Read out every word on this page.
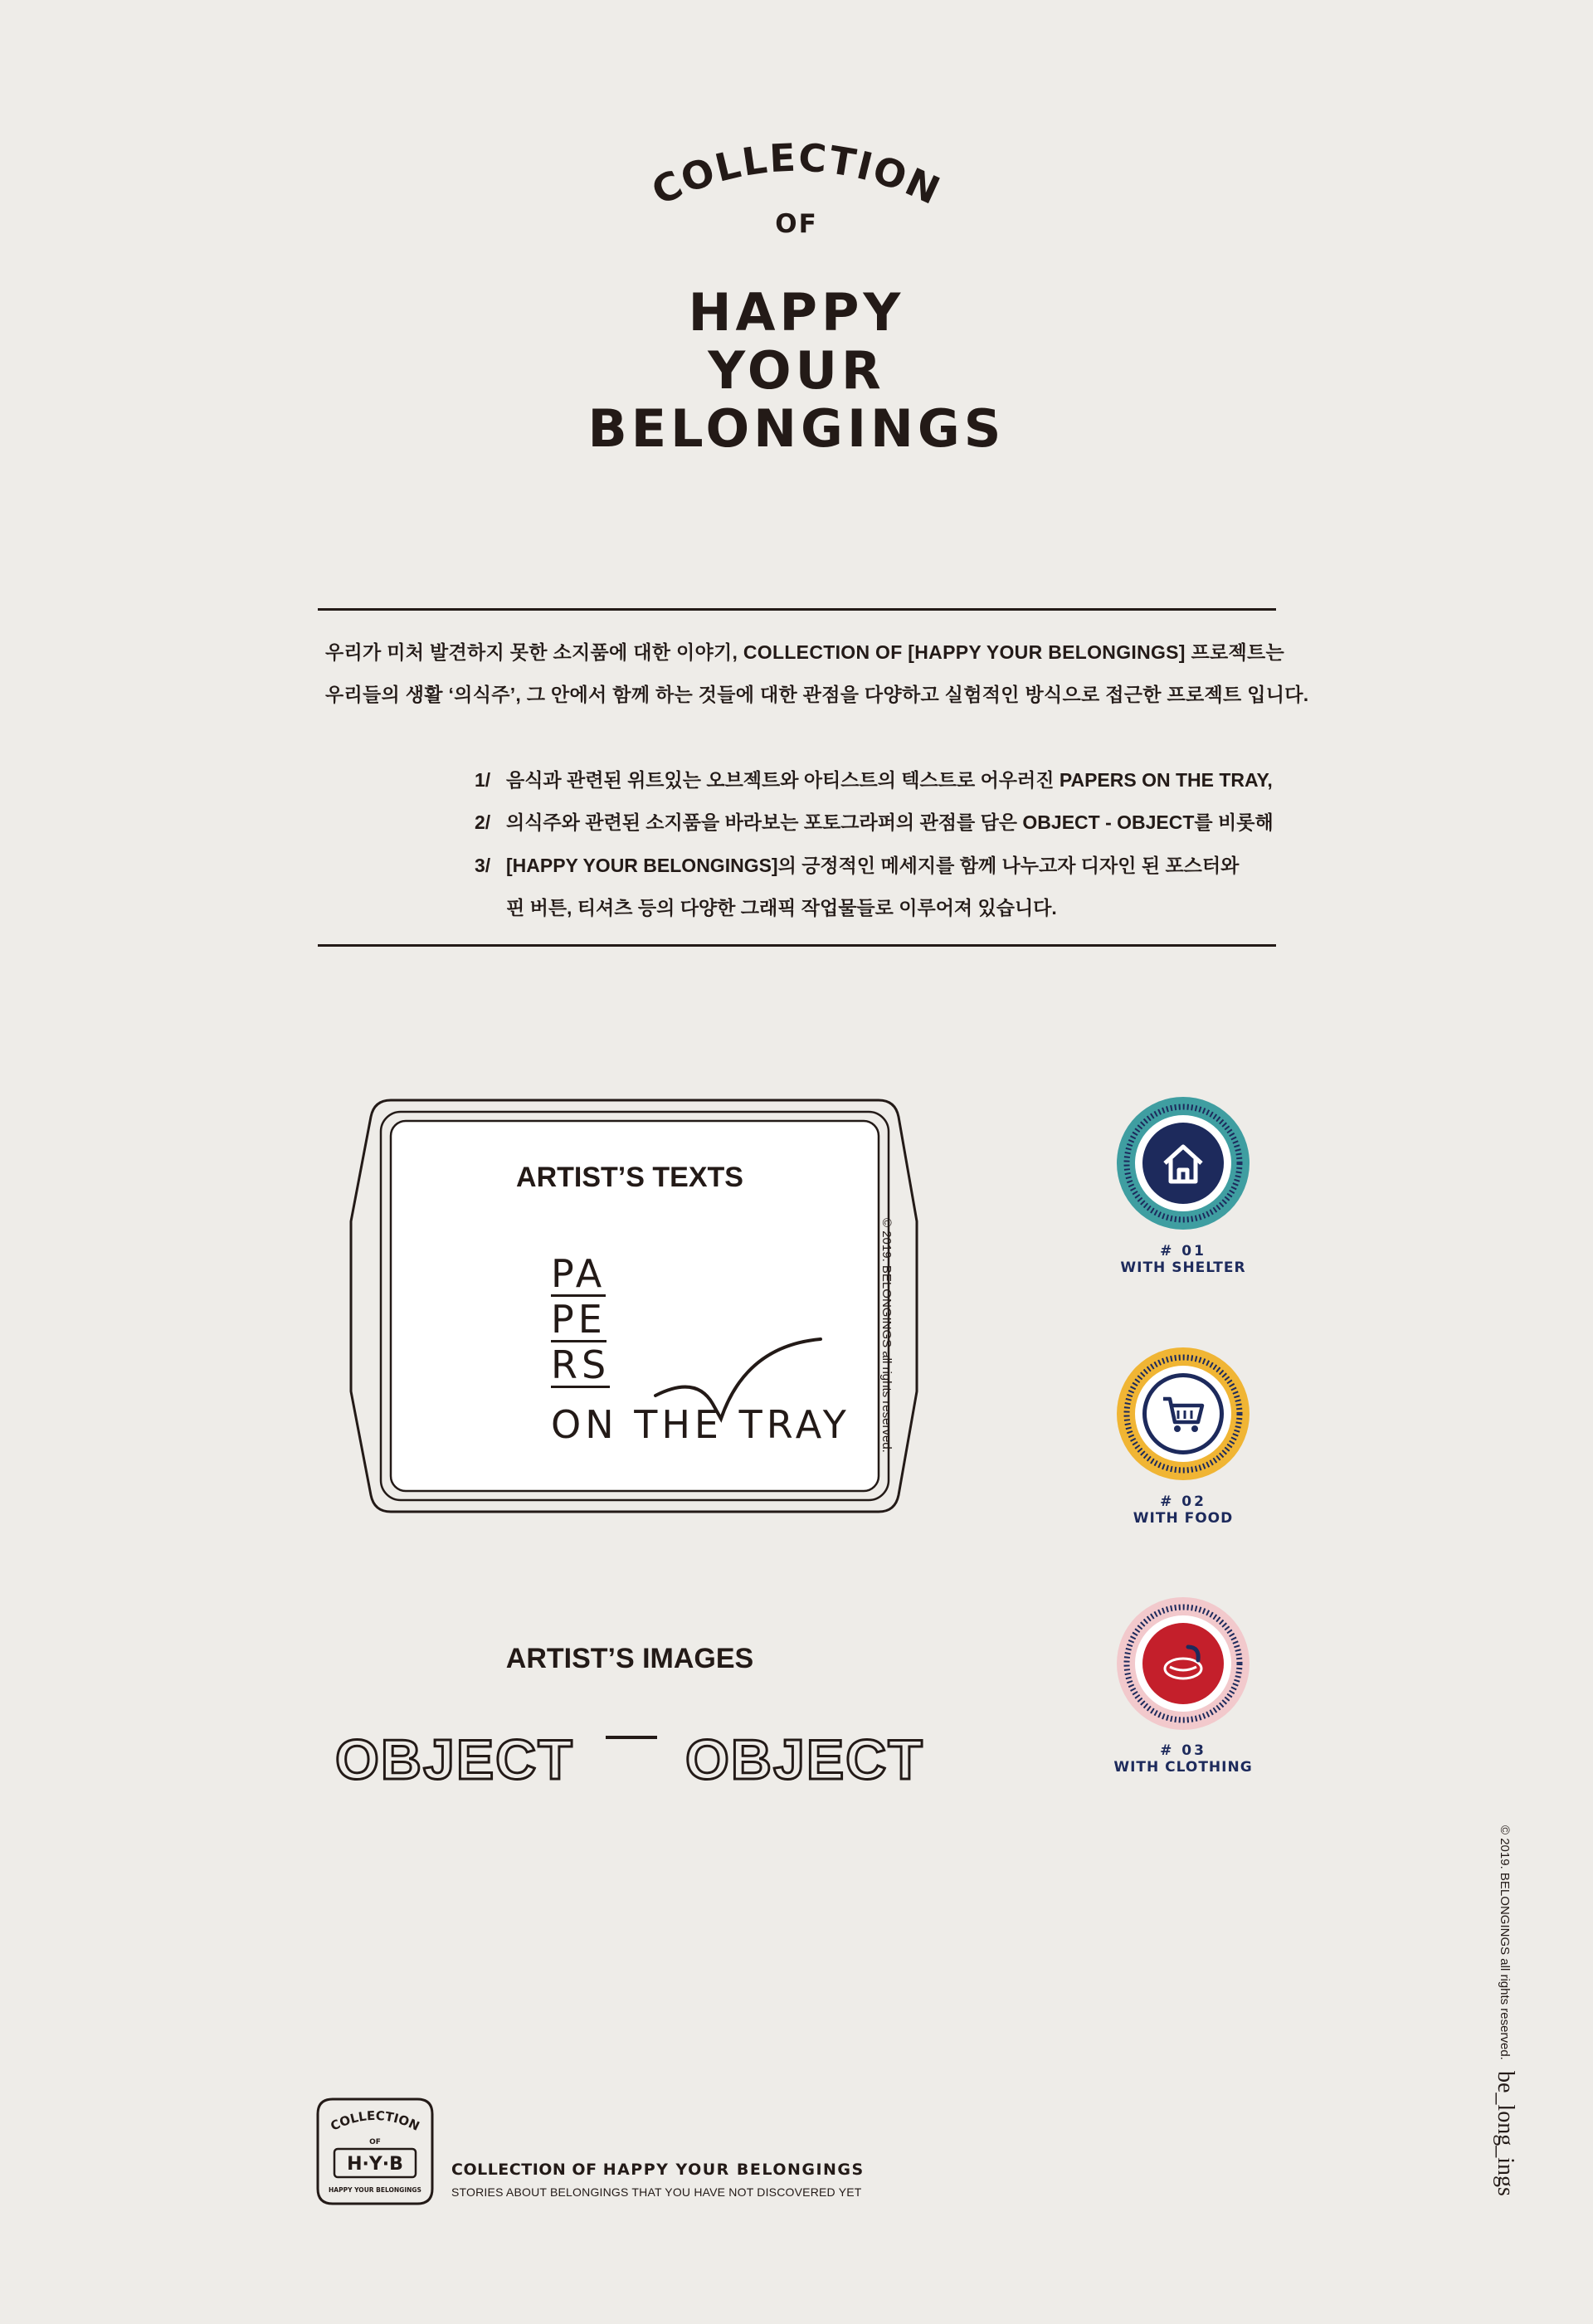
COLLECTION
OF
HAPPY
YOUR
BELONGINGS
우리가 미처 발견하지 못한 소지품에 대한 이야기, COLLECTION OF [HAPPY YOUR BELONGINGS] 프로젝트는
우리들의 생활 ‘의식주’, 그 안에서 함께 하는 것들에 대한 관점을 다양하고 실험적인 방식으로 접근한 프로젝트 입니다.
1/ 음식과 관련된 위트있는 오브젝트와 아티스트의 텍스트로 어우러진 PAPERS ON THE TRAY,
2/ 의식주와 관련된 소지품을 바라보는 포토그라퍼의 관점를 담은 OBJECT - OBJECT를 비롯해
3/ [HAPPY YOUR BELONGINGS]의 긍정적인 메세지를 함께 나누고자 디자인 된 포스터와
핀 버튼, 티셔츠 등의 다양한 그래픽 작업물들로 이루어져 있습니다.
ARTIST’S TEXTS
PA
PE
RS
ON THE TRAY © 2019. BELONGINGS all rights reserved.
ARTIST’S IMAGES
OBJECT OBJECT
# 01
WITH SHELTER
# 02
WITH FOOD
# 03
WITH CLOTHING
© 2019. BELONGINGS all rights reserved.
be_long_ings
COLLECTION
OF
H·Y·B
HAPPY YOUR BELONGINGS
COLLECTION OF HAPPY YOUR BELONGINGS
STORIES ABOUT BELONGINGS THAT YOU HAVE NOT DISCOVERED YET
